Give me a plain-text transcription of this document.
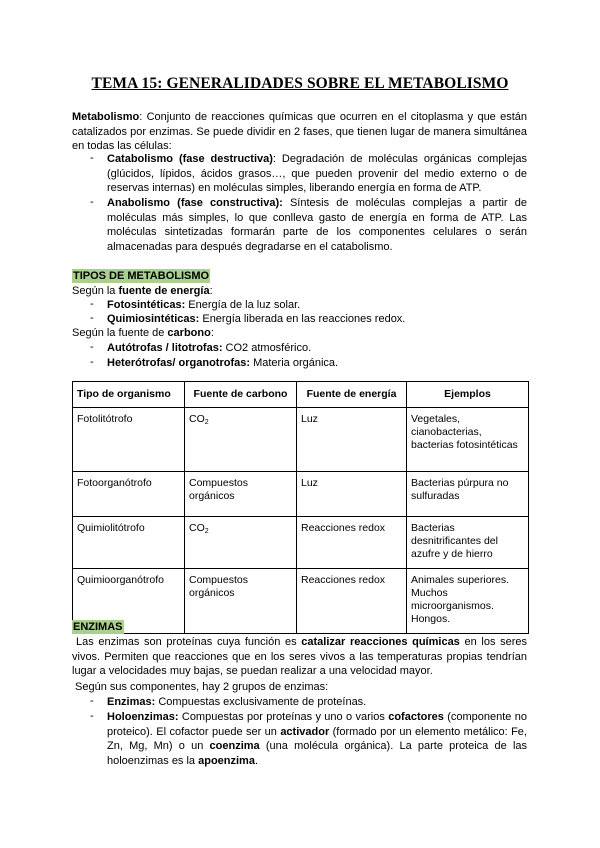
TEMA 15: GENERALIDADES SOBRE EL METABOLISMO
Metabolismo: Conjunto de reacciones químicas que ocurren en el citoplasma y que están catalizados por enzimas. Se puede dividir en 2 fases, que tienen lugar de manera simultánea en todas las células:
-	Catabolismo (fase destructiva): Degradación de moléculas orgánicas complejas (glúcidos, lípidos, ácidos grasos…, que pueden provenir del medio externo o de reservas internas) en moléculas simples, liberando energía en forma de ATP.
-	Anabolismo (fase constructiva): Síntesis de moléculas complejas a partir de moléculas más simples, lo que conlleva gasto de energía en forma de ATP. Las moléculas sintetizadas formarán parte de los componentes celulares o serán almacenadas para después degradarse en el catabolismo.
TIPOS DE METABOLISMO
Según la fuente de energía:
-	Fotosintéticas: Energía de la luz solar.
-	Quimiosintéticas: Energía liberada en las reacciones redox.
Según la fuente de carbono:
-	Autótrofas / litotrofas: CO2 atmosférico.
-	Heterótrofas/ organotrofas: Materia orgánica.
Tipo de organismo	Fuente de carbono	Fuente de energía	Ejemplos
Fotolitótrofo	$CO_2$	Luz	Vegetales,
cianobacterias,
bacterias fotosintéticas

Fotoorganótrofo	Compuestos orgánicos	Luz	Bacterias púrpura no sulfuradas
Quimiolitótrofo	$CO_2$	Reacciones redox	Bacterias desnitrificantes del azufre y de hierro
Quimioorganótrofo	Compuestos orgánicos	Reacciones redox	Animales superiores.
Muchos microorganismos.
Hongos.
ENZIMAS
Las enzimas son proteínas cuya función es catalizar reacciones químicas en los seres vivos. Permiten que reacciones que en los seres vivos a las temperaturas propias tendrían lugar a velocidades muy bajas, se puedan realizar a una velocidad mayor.
Según sus componentes, hay 2 grupos de enzimas:
-	Enzimas: Compuestas exclusivamente de proteínas.
-	Holoenzimas: Compuestas por proteínas y uno o varios cofactores (componente no proteico). El cofactor puede ser un activador (formado por un elemento metálico: Fe, Zn, Mg, Mn) o un coenzima (una molécula orgánica). La parte proteica de las holoenzimas es la apoenzima.
